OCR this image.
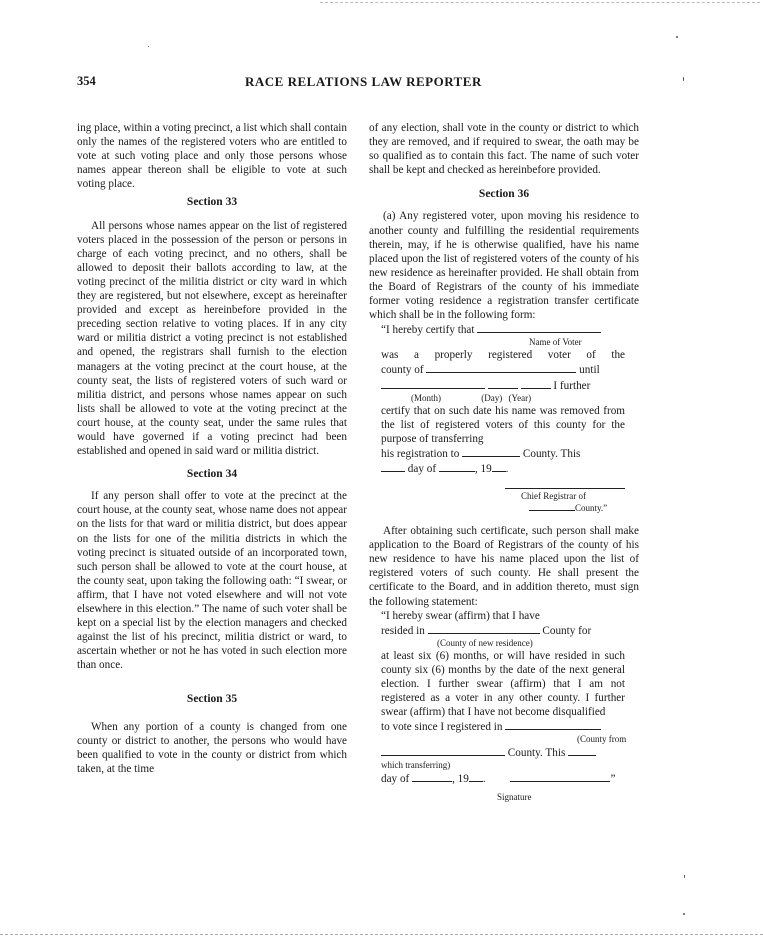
354	RACE RELATIONS LAW REPORTER

ing place, within a voting precinct, a list which shall contain only the names of the registered voters who are entitled to vote at such voting place and only those persons whose names appear thereon shall be eligible to vote at such voting place.

Section 33

All persons whose names appear on the list of registered voters placed in the possession of the person or persons in charge of each voting precinct, and no others, shall be allowed to deposit their ballots according to law, at the voting precinct of the militia district or city ward in which they are registered, but not elsewhere, except as hereinafter provided and except as hereinbefore provided in the preceding section relative to voting places. If in any city ward or militia district a voting precinct is not established and opened, the registrars shall furnish to the election managers at the voting precinct at the court house, at the county seat, the lists of registered voters of such ward or militia district, and persons whose names appear on such lists shall be allowed to vote at the voting precinct at the court house, at the county seat, under the same rules that would have governed if a voting precinct had been established and opened in said ward or militia district.

Section 34

If any person shall offer to vote at the precinct at the court house, at the county seat, whose name does not appear on the lists for that ward or militia district, but does appear on the lists for one of the militia districts in which the voting precinct is situated outside of an incorporated town, such person shall be allowed to vote at the court house, at the county seat, upon taking the following oath: “I swear, or affirm, that I have not voted elsewhere and will not vote elsewhere in this election.” The name of such voter shall be kept on a special list by the election managers and checked against the list of his precinct, militia district or ward, to ascertain whether or not he has voted in such election more than once.

Section 35

When any portion of a county is changed from one county or district to another, the persons who would have been qualified to vote in the county or district from which taken, at the time

of any election, shall vote in the county or district to which they are removed, and if required to swear, the oath may be so qualified as to contain this fact. The name of such voter shall be kept and checked as hereinbefore provided.

Section 36

(a) Any registered voter, upon moving his residence to another county and fulfilling the residential requirements therein, may, if he is otherwise qualified, have his name placed upon the list of registered voters of the county of his new residence as hereinafter provided. He shall obtain from the Board of Registrars of the county of his immediate former voting residence a registration transfer certificate which shall be in the following form:

“I hereby certify that
Name of Voter
was a properly registered voter of the
county of	until
I further
(Month)	(Day) (Year)
certify that on such date his name was removed from the list of registered voters of this county for the purpose of transferring
his registration to	County. This
day of	, 19 .
Chief Registrar of
County.”

After obtaining such certificate, such person shall make application to the Board of Registrars of the county of his new residence to have his name placed upon the list of registered voters of such county. He shall present the certificate to the Board, and in addition thereto, must sign the following statement:

“I hereby swear (affirm) that I have
resided in	County for
(County of new residence)
at least six (6) months, or will have resided in such county six (6) months by the date of the next general election. I further swear (affirm) that I am not registered as a voter in any other county. I further swear (affirm) that I have not become disqualified
to vote since I registered in
(County from
County. This
which transferring)
day of	, 19 .	”
Signature
